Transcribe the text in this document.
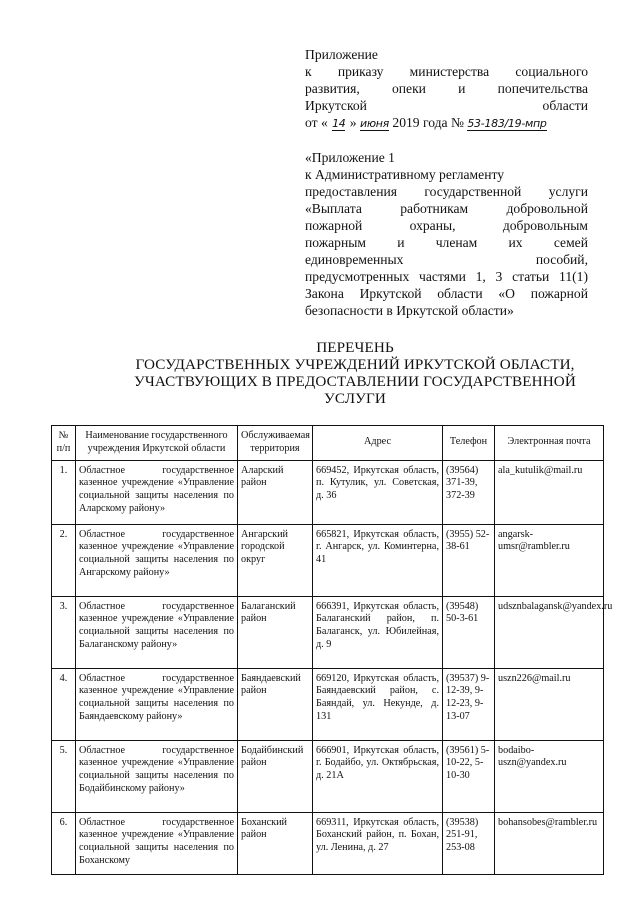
Приложение

к приказу министерства социального

развития, опеки и попечительства

Иркутской	области

от « 14 » июня 2019 года № 53-183/19-мпр

«Приложение 1

к Административному регламенту

предоставления государственной услуги

«Выплата работникам добровольной

пожарной охраны, добровольным

пожарным и членам их семей

единовременных пособий,

предусмотренных частями 1, 3 статьи 11(1)

Закона Иркутской области «О пожарной

безопасности в Иркутской области»

ПЕРЕЧЕНЬ
ГОСУДАРСТВЕННЫХ УЧРЕЖДЕНИЙ ИРКУТСКОЙ ОБЛАСТИ,
УЧАСТВУЮЩИХ В ПРЕДОСТАВЛЕНИИ ГОСУДАРСТВЕННОЙ
УСЛУГИ
№ п/п	Наименование государственного учреждения Иркутской области	Обслуживаемая территория	Адрес	Телефон	Электронная почта
1.	Областное государственное казенное учреждение «Управление социальной защиты населения по Аларскому району»	Аларский район	669452, Иркутская область, п. Кутулик, ул. Советская, д. 36	(39564) 371-39, 372-39	ala_kutulik@mail.ru
2.	Областное государственное казенное учреждение «Управление социальной защиты населения по Ангарскому району»	Ангарский городской округ	665821, Иркутская область, г. Ангарск, ул. Коминтерна, 41	(3955) 52-38-61	angarsk-umsr@rambler.ru
3.	Областное государственное казенное учреждение «Управление социальной защиты населения по Балаганскому району»	Балаганский район	666391, Иркутская область, Балаганский район, п. Балаганск, ул. Юбилейная, д. 9	(39548) 50-3-61	udsznbalagansk@yandex.ru
4.	Областное государственное казенное учреждение «Управление социальной защиты населения по Баяндаевскому району»	Баяндаевский район	669120, Иркутская область, Баяндаевский район, с. Баяндай, ул. Некунде, д. 131	(39537) 9-12-39, 9-12-23, 9-13-07	uszn226@mail.ru
5.	Областное государственное казенное учреждение «Управление социальной защиты населения по Бодайбинскому району»	Бодайбинский район	666901, Иркутская область, г. Бодайбо, ул. Октябрьская, д. 21А	(39561) 5-10-22, 5-10-30	bodaibo-uszn@yandex.ru
6.	Областное государственное казенное учреждение «Управление социальной защиты населения по Боханскому	Боханский район	669311, Иркутская область, Боханский район, п. Бохан, ул. Ленина, д. 27	(39538) 251-91, 253-08	bohansobes@rambler.ru
